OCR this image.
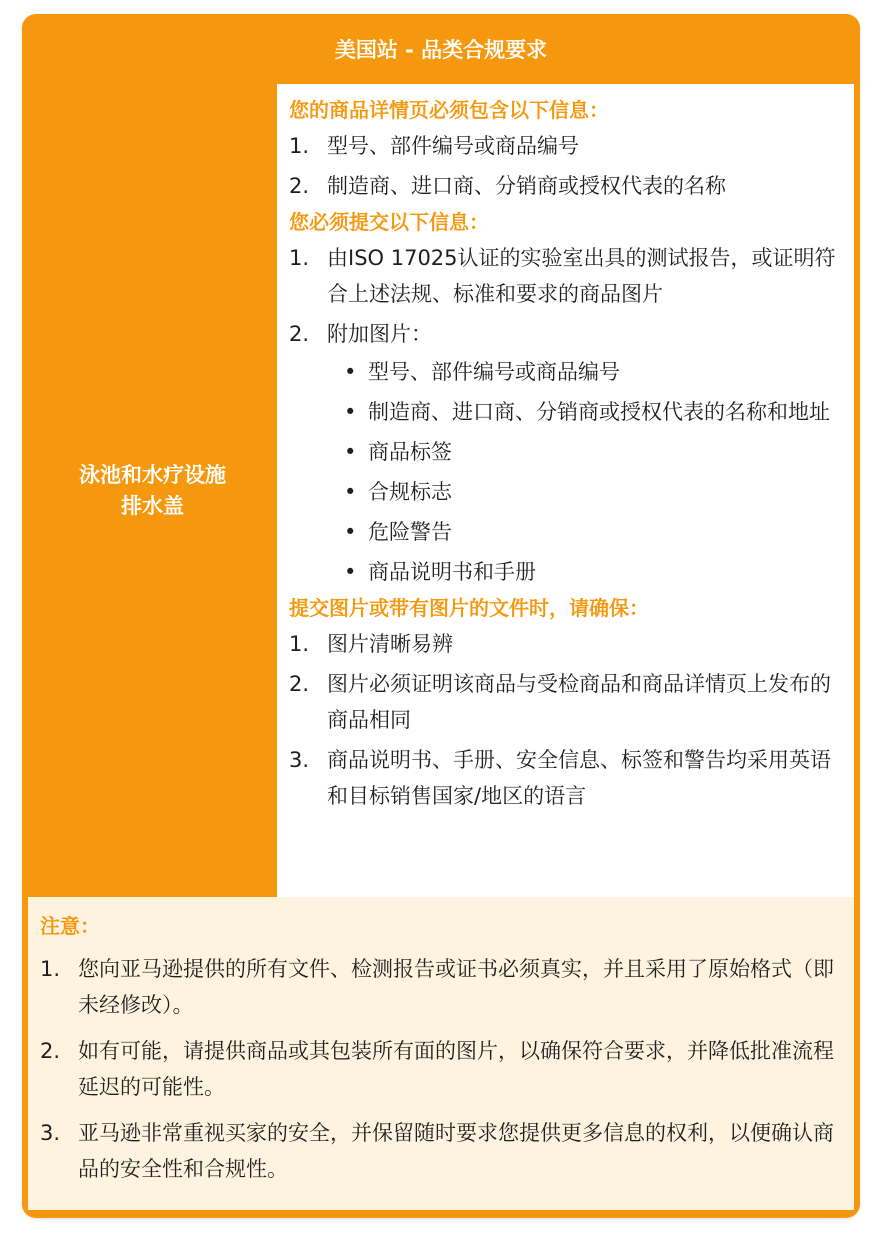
美国站 - 品类合规要求
泳池和水疗设施
排水盖
您的商品详情页必须包含以下信息：
1. 型号、部件编号或商品编号
2. 制造商、进口商、分销商或授权代表的名称
您必须提交以下信息：
1. 由ISO 17025认证的实验室出具的测试报告，或证明符合上述法规、标准和要求的商品图片
2. 附加图片：
• 型号、部件编号或商品编号
• 制造商、进口商、分销商或授权代表的名称和地址
• 商品标签
• 合规标志
• 危险警告
• 商品说明书和手册
提交图片或带有图片的文件时，请确保：
1. 图片清晰易辨
2. 图片必须证明该商品与受检商品和商品详情页上发布的商品相同
3. 商品说明书、手册、安全信息、标签和警告均采用英语和目标销售国家/地区的语言
注意：
1. 您向亚马逊提供的所有文件、检测报告或证书必须真实，并且采用了原始格式（即未经修改）。
2. 如有可能，请提供商品或其包装所有面的图片，以确保符合要求，并降低批准流程延迟的可能性。
3. 亚马逊非常重视买家的安全，并保留随时要求您提供更多信息的权利，以便确认商品的安全性和合规性。
